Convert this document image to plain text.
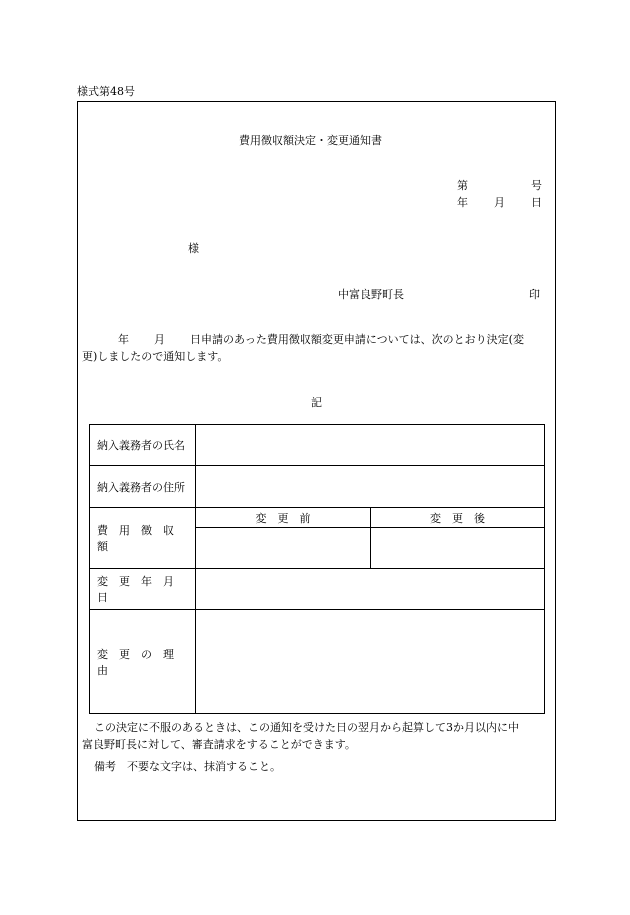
様式第48号
費用徴収額決定・変更通知書
第	号
年 月 日
様
中富良野町長	印
年 月 日申請のあった費用徴収額変更申請については、次のとおり決定(変
更)しましたので通知します。
記
納入義務者の氏名		
納入義務者の住所		
費　用　徴　収　額	変　更　前	変　更　後

変　更　年　月　日		
変　更　の　理　由		
この決定に不服のあるときは、この通知を受けた日の翌月から起算して3か月以内に中
富良野町長に対して、審査請求をすることができます。
備考　不要な文字は、抹消すること。
